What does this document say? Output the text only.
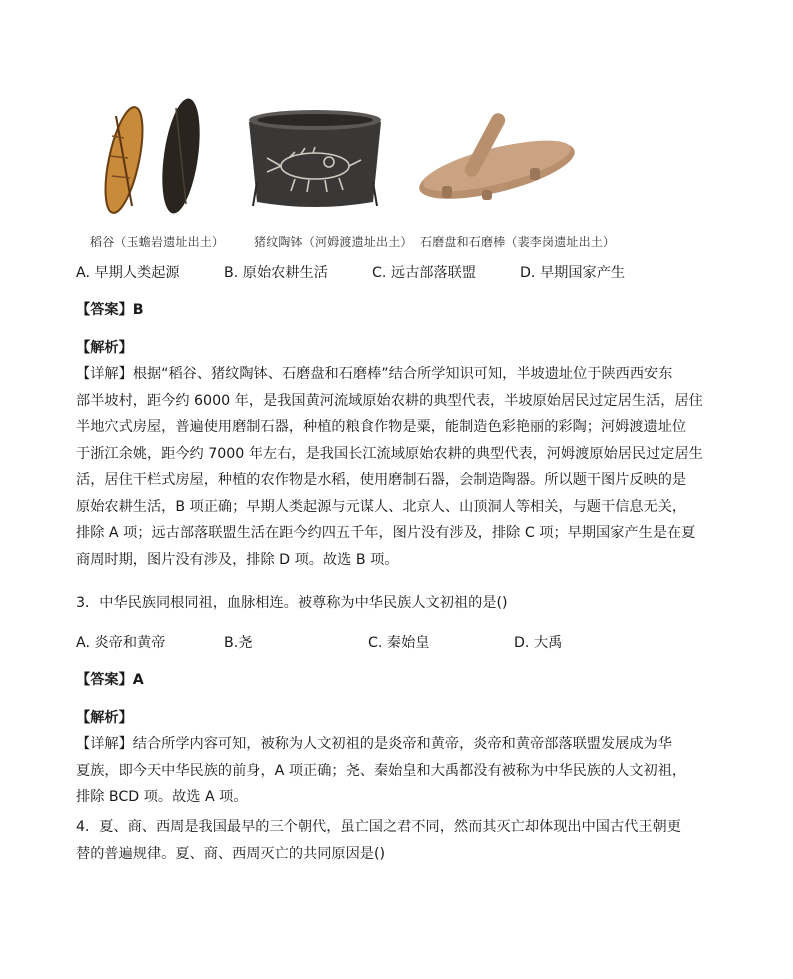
稻谷（玉蟾岩遗址出土） 猪纹陶钵（河姆渡遗址出土） 石磨盘和石磨棒（裴李岗遗址出土）
A. 早期人类起源	B. 原始农耕生活	C. 远古部落联盟	D. 早期国家产生
【答案】B
【解析】
【详解】根据“稻谷、猪纹陶钵、石磨盘和石磨棒”结合所学知识可知，半坡遗址位于陕西西安东
部半坡村，距今约 6000 年，是我国黄河流域原始农耕的典型代表，半坡原始居民过定居生活，居住
半地穴式房屋，普遍使用磨制石器，种植的粮食作物是粟，能制造色彩艳丽的彩陶；河姆渡遗址位
于浙江余姚，距今约 7000 年左右，是我国长江流域原始农耕的典型代表，河姆渡原始居民过定居生
活，居住干栏式房屋，种植的农作物是水稻，使用磨制石器，会制造陶器。所以题干图片反映的是
原始农耕生活，B 项正确；早期人类起源与元谋人、北京人、山顶洞人等相关，与题干信息无关，
排除 A 项；远古部落联盟生活在距今约四五千年，图片没有涉及，排除 C 项；早期国家产生是在夏
商周时期，图片没有涉及，排除 D 项。故选 B 项。
3．中华民族同根同祖，血脉相连。被尊称为中华民族人文初祖的是()
A. 炎帝和黄帝	B.尧	C. 秦始皇	D. 大禹
【答案】A
【解析】
【详解】结合所学内容可知，被称为人文初祖的是炎帝和黄帝，炎帝和黄帝部落联盟发展成为华
夏族，即今天中华民族的前身，A 项正确；尧、秦始皇和大禹都没有被称为中华民族的人文初祖，
排除 BCD 项。故选 A 项。
4．夏、商、西周是我国最早的三个朝代，虽亡国之君不同，然而其灭亡却体现出中国古代王朝更
替的普遍规律。夏、商、西周灭亡的共同原因是()
